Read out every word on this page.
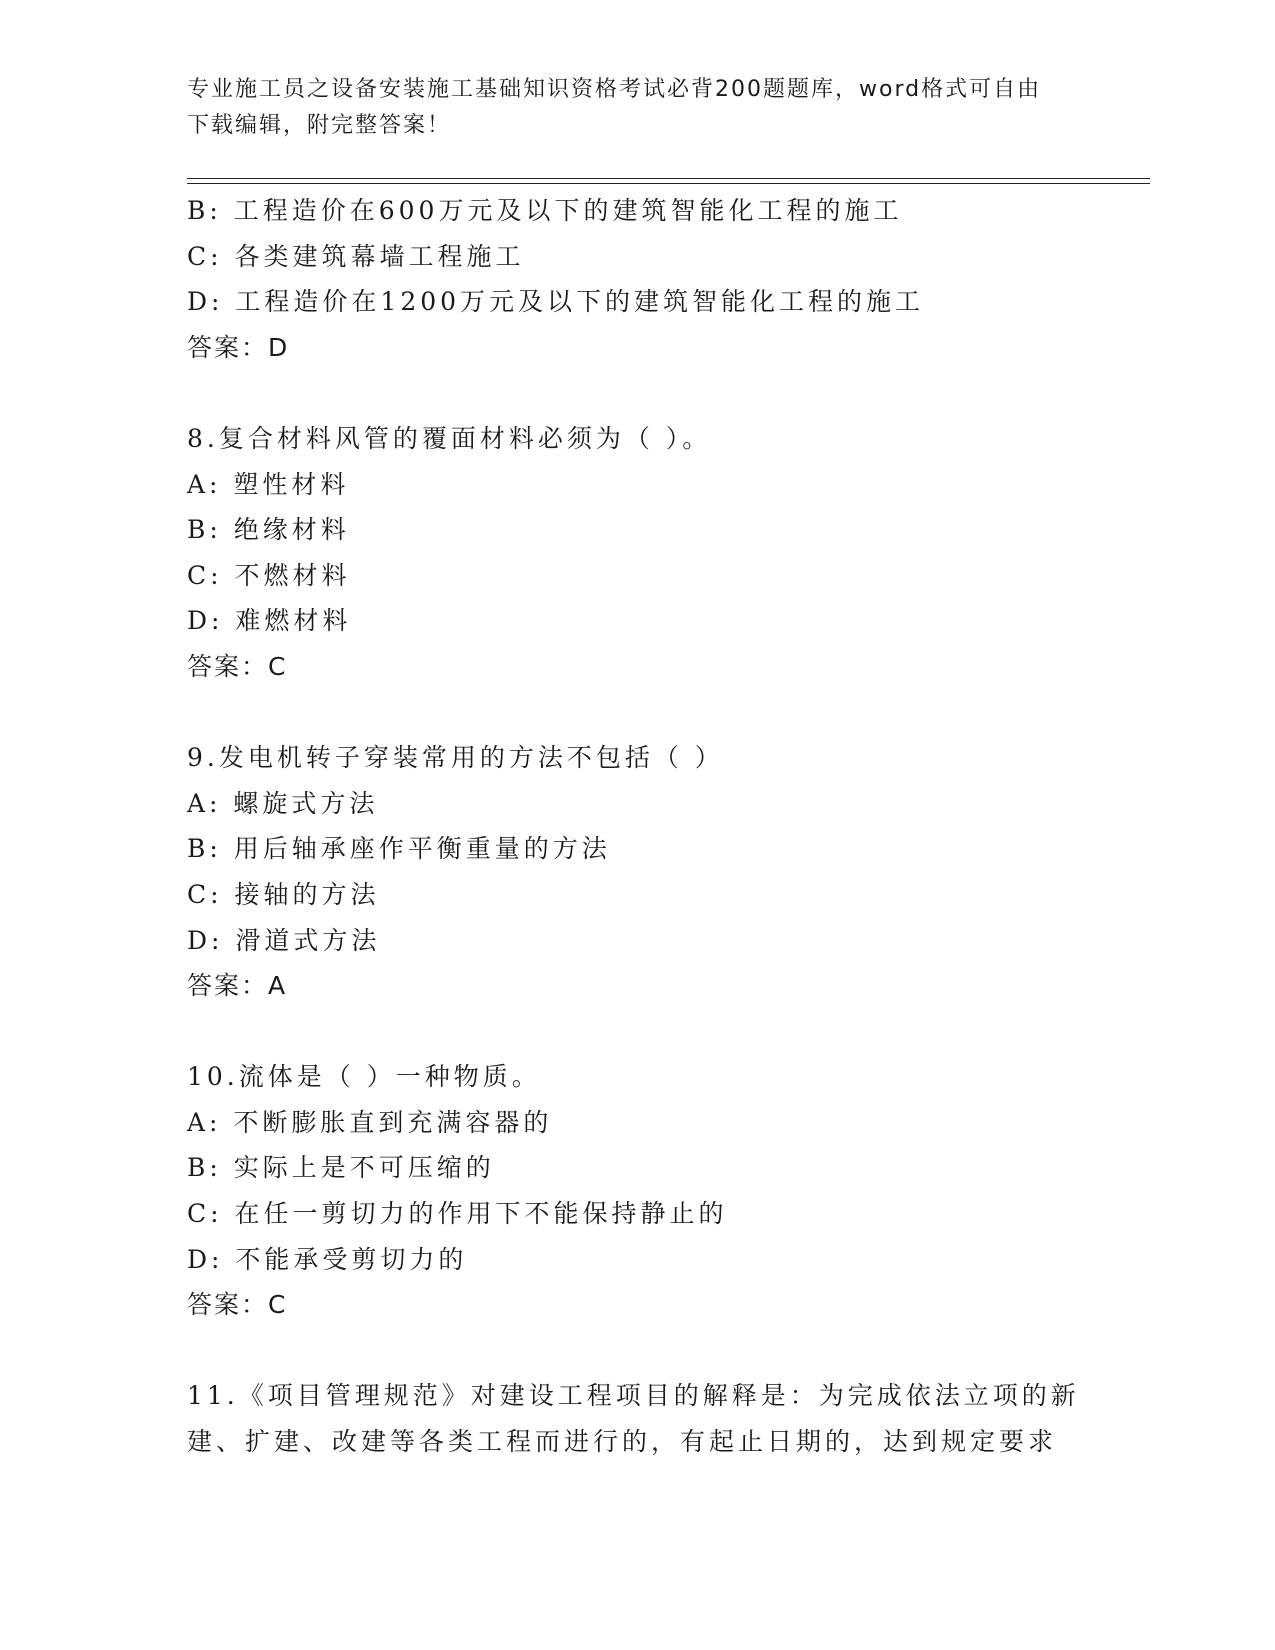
专业施工员之设备安装施工基础知识资格考试必背200题题库，word格式可自由
下载编辑，附完整答案！
B: 工程造价在600万元及以下的建筑智能化工程的施工
C: 各类建筑幕墙工程施工
D: 工程造价在1200万元及以下的建筑智能化工程的施工
答案：D
8.复合材料风管的覆面材料必须为（ ）。
A: 塑性材料
B: 绝缘材料
C: 不燃材料
D: 难燃材料
答案：C
9.发电机转子穿装常用的方法不包括（ ）
A: 螺旋式方法
B: 用后轴承座作平衡重量的方法
C: 接轴的方法
D: 滑道式方法
答案：A
10.流体是（ ）一种物质。
A: 不断膨胀直到充满容器的
B: 实际上是不可压缩的
C: 在任一剪切力的作用下不能保持静止的
D: 不能承受剪切力的
答案：C
11.《项目管理规范》对建设工程项目的解释是：为完成依法立项的新
建、扩建、改建等各类工程而进行的，有起止日期的，达到规定要求
